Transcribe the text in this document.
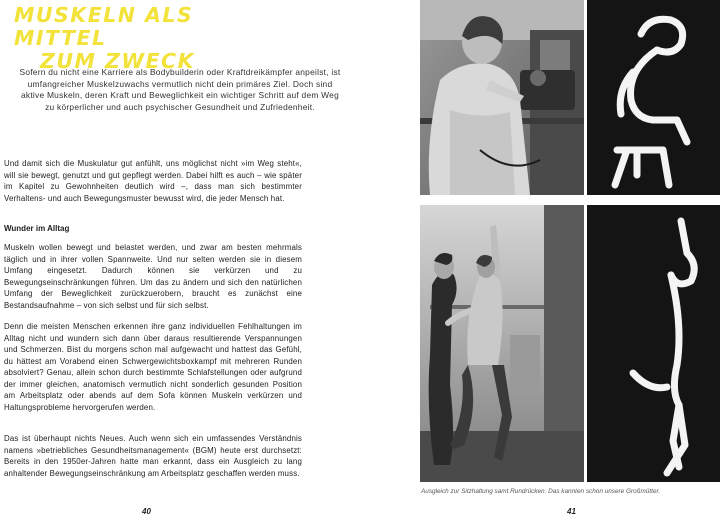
MUSKELN ALS MITTEL
ZUM ZWECK

Sofern du nicht eine Karriere als Bodybuilderin oder Kraftdreikämpfer anpeilst, ist umfangreicher Muskelzuwachs vermutlich nicht dein primäres Ziel. Doch sind aktive Muskeln, deren Kraft und Beweglichkeit ein wichtiger Schritt auf dem Weg zu körperlicher und auch psychischer Gesundheit und Zufriedenheit.

Und damit sich die Muskulatur gut anfühlt, uns möglichst nicht »im Weg steht«, will sie bewegt, genutzt und gut gepflegt werden. Dabei hilft es auch – wie später im Kapitel zu Gewohnheiten deutlich wird –, dass man sich bestimmter Verhaltens- und auch Bewegungsmuster bewusst wird, die jeder Mensch hat.

Wunder im Alltag

Muskeln wollen bewegt und belastet werden, und zwar am besten mehrmals täglich und in ihrer vollen Spannweite. Und nur selten werden sie in diesem Umfang eingesetzt. Dadurch können sie verkürzen und zu Bewegungseinschränkungen führen. Um das zu ändern und sich den natürlichen Umfang der Beweglichkeit zurückzuerobern, braucht es zunächst eine Bestandsaufnahme – von sich selbst und für sich selbst.

Denn die meisten Menschen erkennen ihre ganz individuellen Fehlhaltungen im Alltag nicht und wundern sich dann über daraus resultierende Verspannungen und Schmerzen. Bist du morgens schon mal aufgewacht und hattest das Gefühl, du hättest am Vorabend einen Schwergewichtsboxkampf mit mehreren Runden absolviert? Genau, allein schon durch bestimmte Schlafstellungen oder aufgrund der immer gleichen, anatomisch vermutlich nicht sonderlich gesunden Position am Arbeitsplatz oder abends auf dem Sofa können Muskeln verkürzen und Haltungsprobleme hervorgerufen werden.

Das ist überhaupt nichts Neues. Auch wenn sich ein umfassendes Verständnis namens »betriebliches Gesundheitsmanagement« (BGM) heute erst durchsetzt: Bereits in den 1950er-Jahren hatte man erkannt, dass ein Ausgleich zu lang anhaltender Bewegungseinschränkung am Arbeitsplatz geschaffen werden muss.

40	41

Ausgleich zur Sitzhaltung samt Rundrücken: Das kannten schon unsere Großmütter.
